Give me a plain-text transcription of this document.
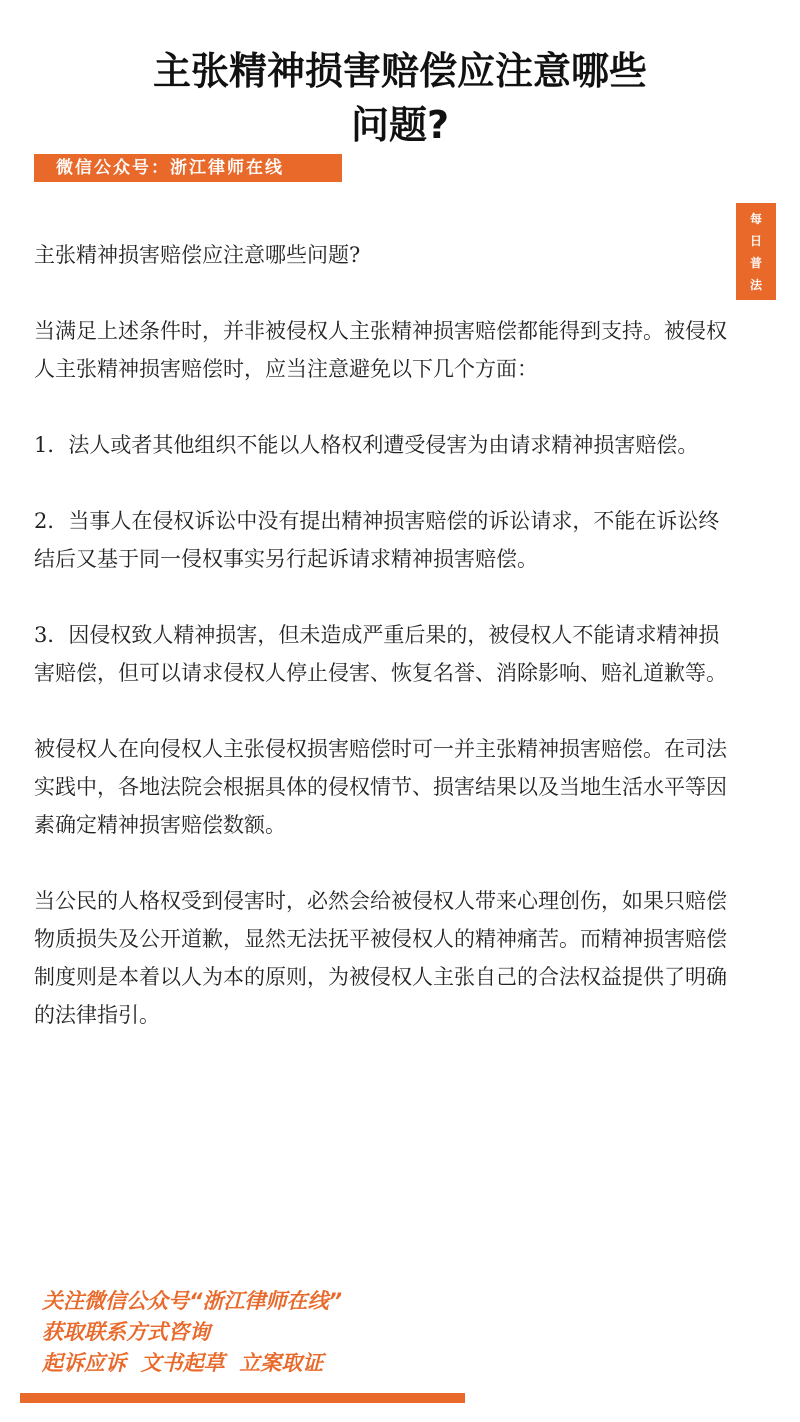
主张精神损害赔偿应注意哪些
问题?
微信公众号：浙江律师在线
每
日
普
法

主张精神损害赔偿应注意哪些问题?

当满足上述条件时，并非被侵权人主张精神损害赔偿都能得到支持。被侵权人主张精神损害赔偿时，应当注意避免以下几个方面：

1．法人或者其他组织不能以人格权利遭受侵害为由请求精神损害赔偿。

2．当事人在侵权诉讼中没有提出精神损害赔偿的诉讼请求，不能在诉讼终结后又基于同一侵权事实另行起诉请求精神损害赔偿。

3．因侵权致人精神损害，但未造成严重后果的，被侵权人不能请求精神损害赔偿，但可以请求侵权人停止侵害、恢复名誉、消除影响、赔礼道歉等。

被侵权人在向侵权人主张侵权损害赔偿时可一并主张精神损害赔偿。在司法实践中，各地法院会根据具体的侵权情节、损害结果以及当地生活水平等因素确定精神损害赔偿数额。

当公民的人格权受到侵害时，必然会给被侵权人带来心理创伤，如果只赔偿物质损失及公开道歉，显然无法抚平被侵权人的精神痛苦。而精神损害赔偿制度则是本着以人为本的原则，为被侵权人主张自己的合法权益提供了明确的法律指引。

关注微信公众号“浙江律师在线”
获取联系方式咨询
起诉应诉  文书起草  立案取证
